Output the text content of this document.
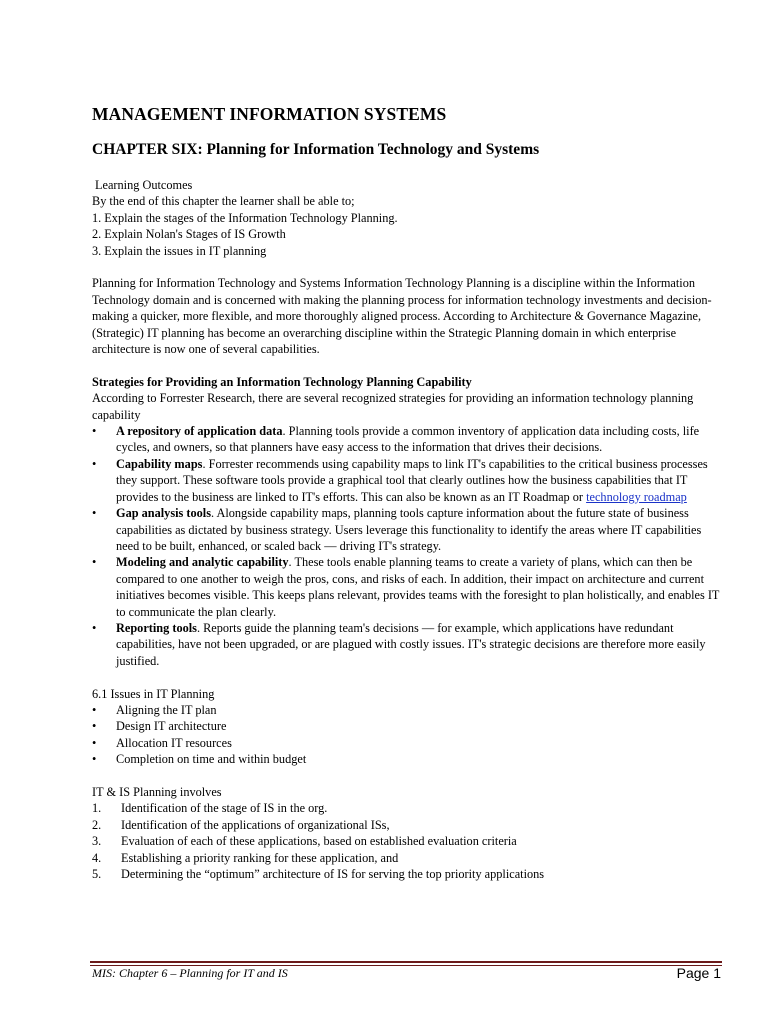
MANAGEMENT INFORMATION SYSTEMS
CHAPTER SIX: Planning for Information Technology and Systems

Learning Outcomes

By the end of this chapter the learner shall be able to;

1. Explain the stages of the Information Technology Planning.

2. Explain Nolan's Stages of IS Growth

3. Explain the issues in IT planning

Planning for Information Technology and Systems Information Technology Planning is a discipline within the Information Technology domain and is concerned with making the planning process for information technology investments and decision-making a quicker, more flexible, and more thoroughly aligned process. According to Architecture & Governance Magazine, (Strategic) IT planning has become an overarching discipline within the Strategic Planning domain in which enterprise architecture is now one of several capabilities.

Strategies for Providing an Information Technology Planning Capability

According to Forrester Research, there are several recognized strategies for providing an information technology planning capability

•	A repository of application data. Planning tools provide a common inventory of application data including costs, life cycles, and owners, so that planners have easy access to the information that drives their decisions.
•	Capability maps. Forrester recommends using capability maps to link IT's capabilities to the critical business processes they support. These software tools provide a graphical tool that clearly outlines how the business capabilities that IT provides to the business are linked to IT's efforts. This can also be known as an IT Roadmap or technology roadmap
•	Gap analysis tools. Alongside capability maps, planning tools capture information about the future state of business capabilities as dictated by business strategy. Users leverage this functionality to identify the areas where IT capabilities need to be built, enhanced, or scaled back — driving IT's strategy.
•	Modeling and analytic capability. These tools enable planning teams to create a variety of plans, which can then be compared to one another to weigh the pros, cons, and risks of each. In addition, their impact on architecture and current initiatives becomes visible. This keeps plans relevant, provides teams with the foresight to plan holistically, and enables IT to communicate the plan clearly.
•	Reporting tools. Reports guide the planning team's decisions — for example, which applications have redundant capabilities, have not been upgraded, or are plagued with costly issues. IT's strategic decisions are therefore more easily justified.

6.1 Issues in IT Planning

•	Aligning the IT plan
•	Design IT architecture
•	Allocation IT resources
•	Completion on time and within budget

IT & IS Planning involves

1. Identification of the stage of IS in the org.
2. Identification of the applications of organizational ISs,
3. Evaluation of each of these applications, based on established evaluation criteria
4. Establishing a priority ranking for these application, and
5. Determining the “optimum” architecture of IS for serving the top priority applications
MIS: Chapter 6 – Planning for IT and IS	Page 1
